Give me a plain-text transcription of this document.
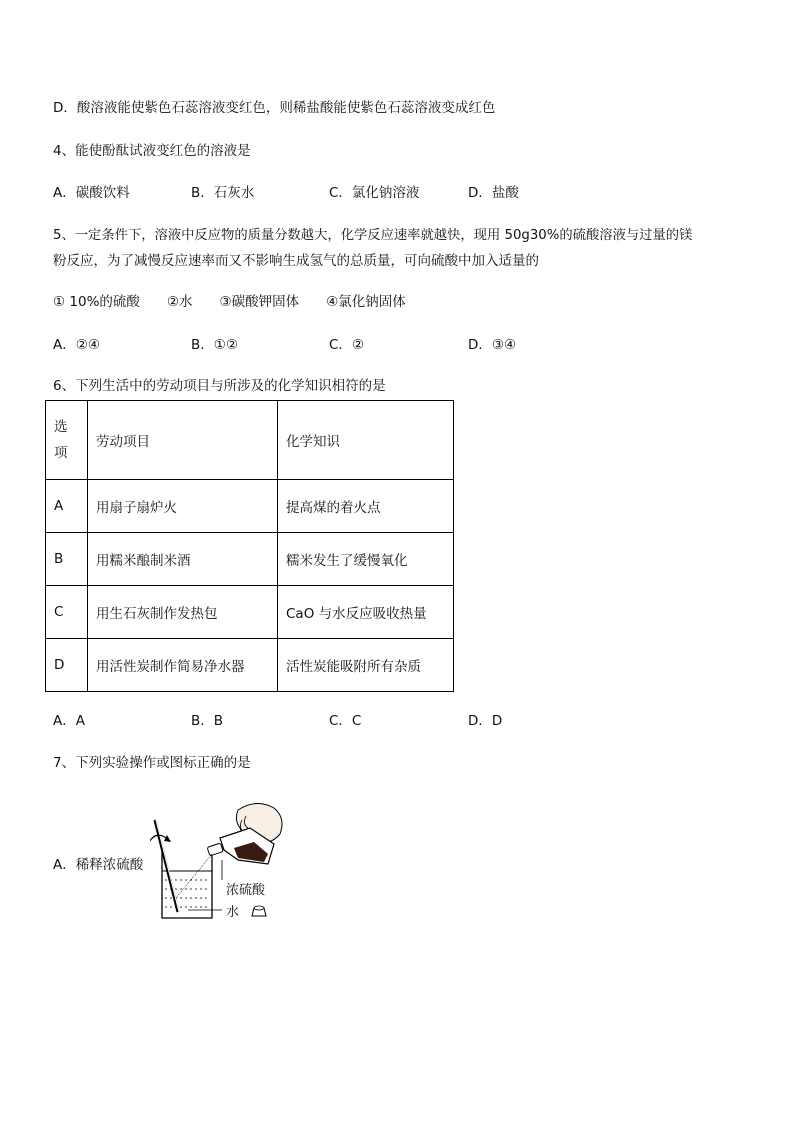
D．酸溶液能使紫色石蕊溶液变红色，则稀盐酸能使紫色石蕊溶液变成红色
4、能使酚酞试液变红色的溶液是
A．碳酸饮料	B．石灰水	C．氯化钠溶液	D．盐酸
5、一定条件下，溶液中反应物的质量分数越大，化学反应速率就越快，现用 50g30%的硫酸溶液与过量的镁
粉反应，为了减慢反应速率而又不影响生成氢气的总质量，可向硫酸中加入适量的
① 10%的硫酸　　②水　　③碳酸钾固体　　④氯化钠固体
A．②④	B．①②	C．②	D．③④
6、下列生活中的劳动项目与所涉及的化学知识相符的是
选
项	劳动项目	化学知识
A	用扇子扇炉火	提高煤的着火点
B	用糯米酿制米酒	糯米发生了缓慢氧化
C	用生石灰制作发热包	CaO 与水反应吸收热量
D	用活性炭制作简易净水器	活性炭能吸附所有杂质
A．A	B．B	C．C	D．D
7、下列实验操作或图标正确的是
A．稀释浓硫酸
浓硫酸
水
